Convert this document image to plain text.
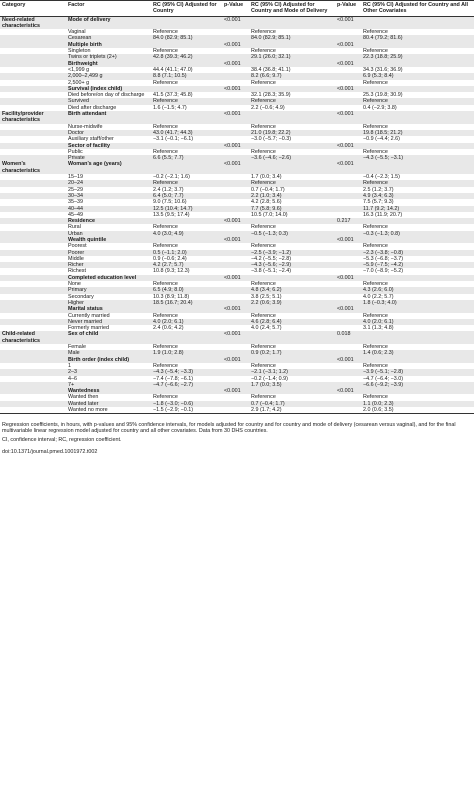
Category	Factor	RC (95% CI) Adjusted for Country	p-Value	RC (95% CI) Adjusted for Country and Mode of Delivery	p-Value	RC (95% CI) Adjusted for Country and All Other Covariates
Need-related characteristics	Mode of delivery		<0.001		<0.001	
	Vaginal	Reference		Reference		Reference
	Cesarean	84.0 (82.9; 85.1)		84.0 (82.9; 85.1)		80.4 (79.2; 81.6)
	Multiple birth		<0.001		<0.001	
	Singleton	Reference		Reference		Reference
	Twins or triplets (2+)	42.8 (39.3; 46.2)		29.1 (26.0; 32.1)		22.3 (18.8; 25.9)
	Birthweight		<0.001		<0.001	
	<1,999 g	44.4 (41.1; 47.0)		38.4 (36.8; 41.1)		34.3 (31.6; 36.9)
	2,000–2,499 g	8.8 (7.1; 10.5)		8.2 (6.6; 9.7)		6.9 (5.3; 8.4)
	2,500+ g	Reference		Reference		Reference
	Survival (index child)		<0.001		<0.001	
	Died before/on day of discharge	41.5 (37.3; 45.8)		32.1 (28.3; 35.9)		25.3 (19.8; 30.9)
	Survived	Reference		Reference		Reference
	Died after discharge	1.6 (−1.5; 4.7)		2.2 (−0.6; 4.9)		0.4 (−2.9; 3.8)
Facility/provider characteristics	Birth attendant		<0.001		<0.001	
	Nurse-midwife	Reference		Reference		Reference
	Doctor	43.0 (41.7; 44.3)		21.0 (19.8; 22.2)		19.8 (18.5; 21.2)
	Auxiliary staff/other	−3.1 (−0.1; −6.1)		−3.0 (−5.7; −0.3)		−0.9 (−4.4; 2.6)
	Sector of facility		<0.001		<0.001	
	Public	Reference		Reference		Reference
	Private	6.6 (5.5; 7.7)		−3.6 (−4.6; −2.6)		−4.3 (−5.5; −3.1)
Women’s characteristics	Woman’s age (years)		<0.001		<0.001	
	15–19	−0.2 (−2.1; 1.6)		1.7 (0.0; 3.4)		−0.4 (−2.3; 1.5)
	20–24	Reference		Reference		Reference
	25–29	2.4 (1.2; 3.7)		0.7 (−0.4; 1.7)		2.5 (1.2; 3.7)
	30–34	6.4 (5.0; 7.7)		2.2 (1.0; 3.4)		4.9 (3.4; 6.3)
	35–39	9.0 (7.5; 10.6)		4.2 (2.8; 5.6)		7.5 (5.7; 9.3)
	40–44	12.5 (10.4; 14.7)		7.7 (5.8; 9.6)		11.7 (9.2; 14.2)
	45–49	13.5 (9.5; 17.4)		10.5 (7.0; 14.0)		16.3 (11.9; 20.7)
	Residence		<0.001		0.217	
	Rural	Reference		Reference		Reference
	Urban	4.0 (3.0; 4.9)		−0.5 (−1.3; 0.3)		−0.3 (−1.3; 0.8)
	Wealth quintile		<0.001		<0.001	
	Poorest	Reference		Reference		Reference
	Poorer	0.5 (−1.1; 2.0)		−2.5 (−3.9; −1.2)		−2.3 (−3.8; −0.8)
	Middle	0.9 (−0.6; 2.4)		−4.2 (−5.5; −2.8)		−5.3 (−6.8; −3.7)
	Richer	4.2 (2.7; 5.7)		−4.3 (−5.6; −2.9)		−5.9 (−7.5; −4.2)
	Richest	10.8 (9.3; 12.3)		−3.8 (−5.1; −2.4)		−7.0 (−8.9; −5.2)
	Completed education level		<0.001		<0.001	
	None	Reference		Reference		Reference
	Primary	6.5 (4.9; 8.0)		4.8 (3.4; 6.2)		4.3 (2.6; 6.0)
	Secondary	10.3 (8.9; 11.8)		3.8 (2.5; 5.1)		4.0 (2.2; 5.7)
	Higher	18.5 (16.7; 20.4)		2.2 (0.6; 3.9)		1.8 (−0.3; 4.0)
	Marital status		<0.001		<0.001	
	Currently married	Reference		Reference		Reference
	Never married	4.0 (2.0; 6.1)		4.6 (2.8; 6.4)		4.0 (2.0; 6.1)
	Formerly married	2.4 (0.6; 4.2)		4.0 (2.4; 5.7)		3.1 (1.3; 4.8)
Child-related characteristics	Sex of child		<0.001		0.018	
	Female	Reference		Reference		Reference
	Male	1.9 (1.0; 2.8)		0.9 (0.2; 1.7)		1.4 (0.6; 2.3)
	Birth order (index child)		<0.001		<0.001	
	1	Reference		Reference		Reference
	2–3	−4.3 (−5.4; −3.3)		−2.1 (−3.1; 1.2)		−3.9 (−5.1; −2.8)
	4–6	−7.4 (−7.8; −6.1)		−0.2 (−1.4; 0.9)		−4.7 (−6.4; −3.0)
	7+	−4.7 (−6.6; −2.7)		1.7 (0.0; 3.5)		−6.6 (−9.2; −3.9)
	Wantedness		<0.001		<0.001	
	Wanted then	Reference		Reference		Reference
	Wanted later	−1.8 (−3.0; −0.6)		0.7 (−0.4; 1.7)		1.1 (0.0; 2.3)
	Wanted no more	−1.5 (−2.9; −0.1)		2.9 (1.7; 4.2)		2.0 (0.6; 3.5)
Regression coefficients, in hours, with p-values and 95% confidence intervals, for models adjusted for country and for country and mode of delivery (cesarean versus vaginal), and for the final multivariable linear regression model adjusted for country and all other covariates. Data from 30 DHS countries.
CI, confidence interval; RC, regression coefficient.
doi:10.1371/journal.pmed.1001972.t002
